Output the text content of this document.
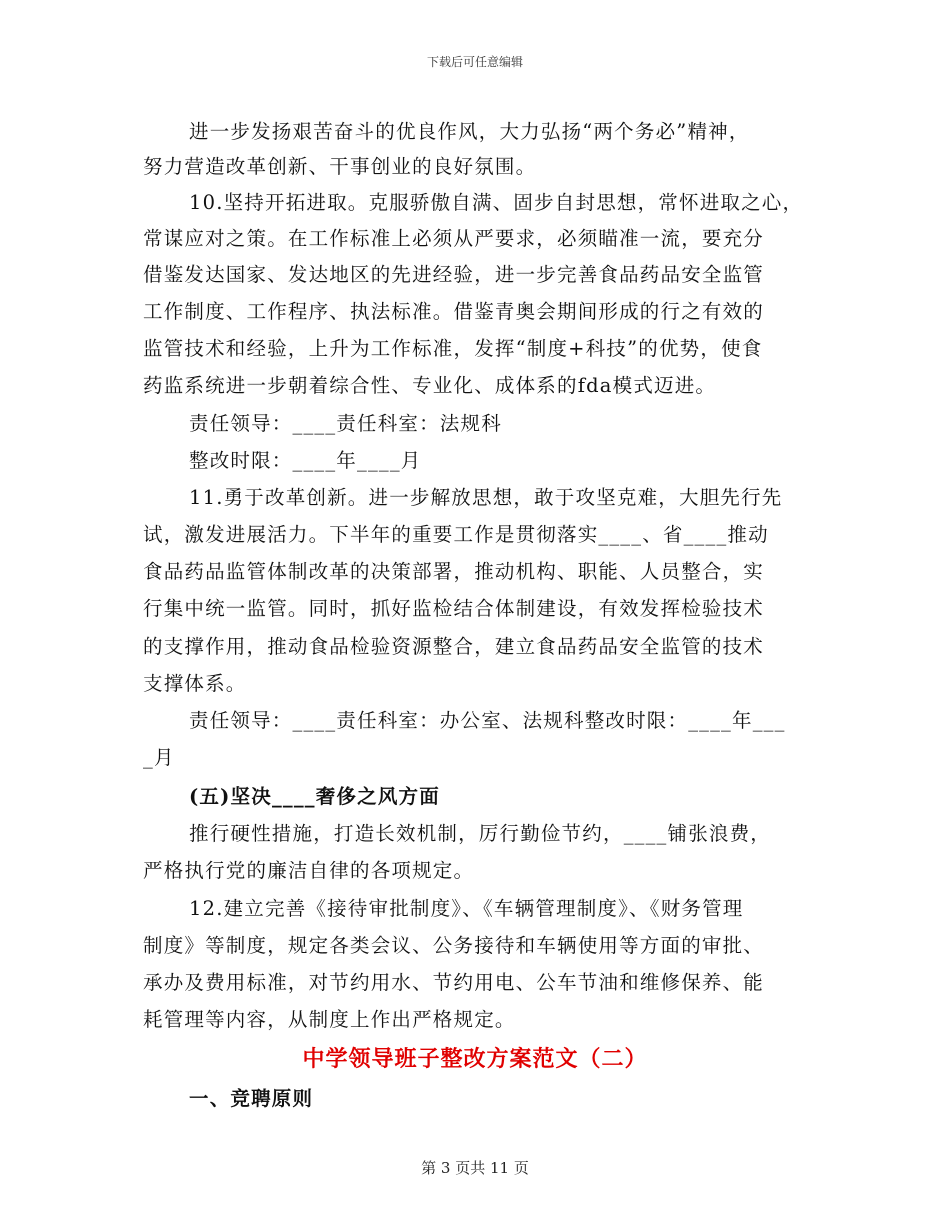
下载后可任意编辑
进一步发扬艰苦奋斗的优良作风，大力弘扬“两个务必”精神，
努力营造改革创新、干事创业的良好氛围。
10.坚持开拓进取。克服骄傲自满、固步自封思想，常怀进取之心，
常谋应对之策。在工作标准上必须从严要求，必须瞄准一流，要充分
借鉴发达国家、发达地区的先进经验，进一步完善食品药品安全监管
工作制度、工作程序、执法标准。借鉴青奥会期间形成的行之有效的
监管技术和经验，上升为工作标准，发挥“制度+科技”的优势，使食
药监系统进一步朝着综合性、专业化、成体系的fda模式迈进。
责任领导：____责任科室：法规科
整改时限：____年____月
11.勇于改革创新。进一步解放思想，敢于攻坚克难，大胆先行先
试，激发进展活力。下半年的重要工作是贯彻落实____、省____推动
食品药品监管体制改革的决策部署，推动机构、职能、人员整合，实
行集中统一监管。同时，抓好监检结合体制建设，有效发挥检验技术
的支撑作用，推动食品检验资源整合，建立食品药品安全监管的技术
支撑体系。
责任领导：____责任科室：办公室、法规科整改时限：____年___
_月
(五)坚决____奢侈之风方面
推行硬性措施，打造长效机制，厉行勤俭节约，____铺张浪费，
严格执行党的廉洁自律的各项规定。
12.建立完善《接待审批制度》、《车辆管理制度》、《财务管理
制度》等制度，规定各类会议、公务接待和车辆使用等方面的审批、
承办及费用标准，对节约用水、节约用电、公车节油和维修保养、能
耗管理等内容，从制度上作出严格规定。
中学领导班子整改方案范文（二）
一、竞聘原则
第 3 页共 11 页
